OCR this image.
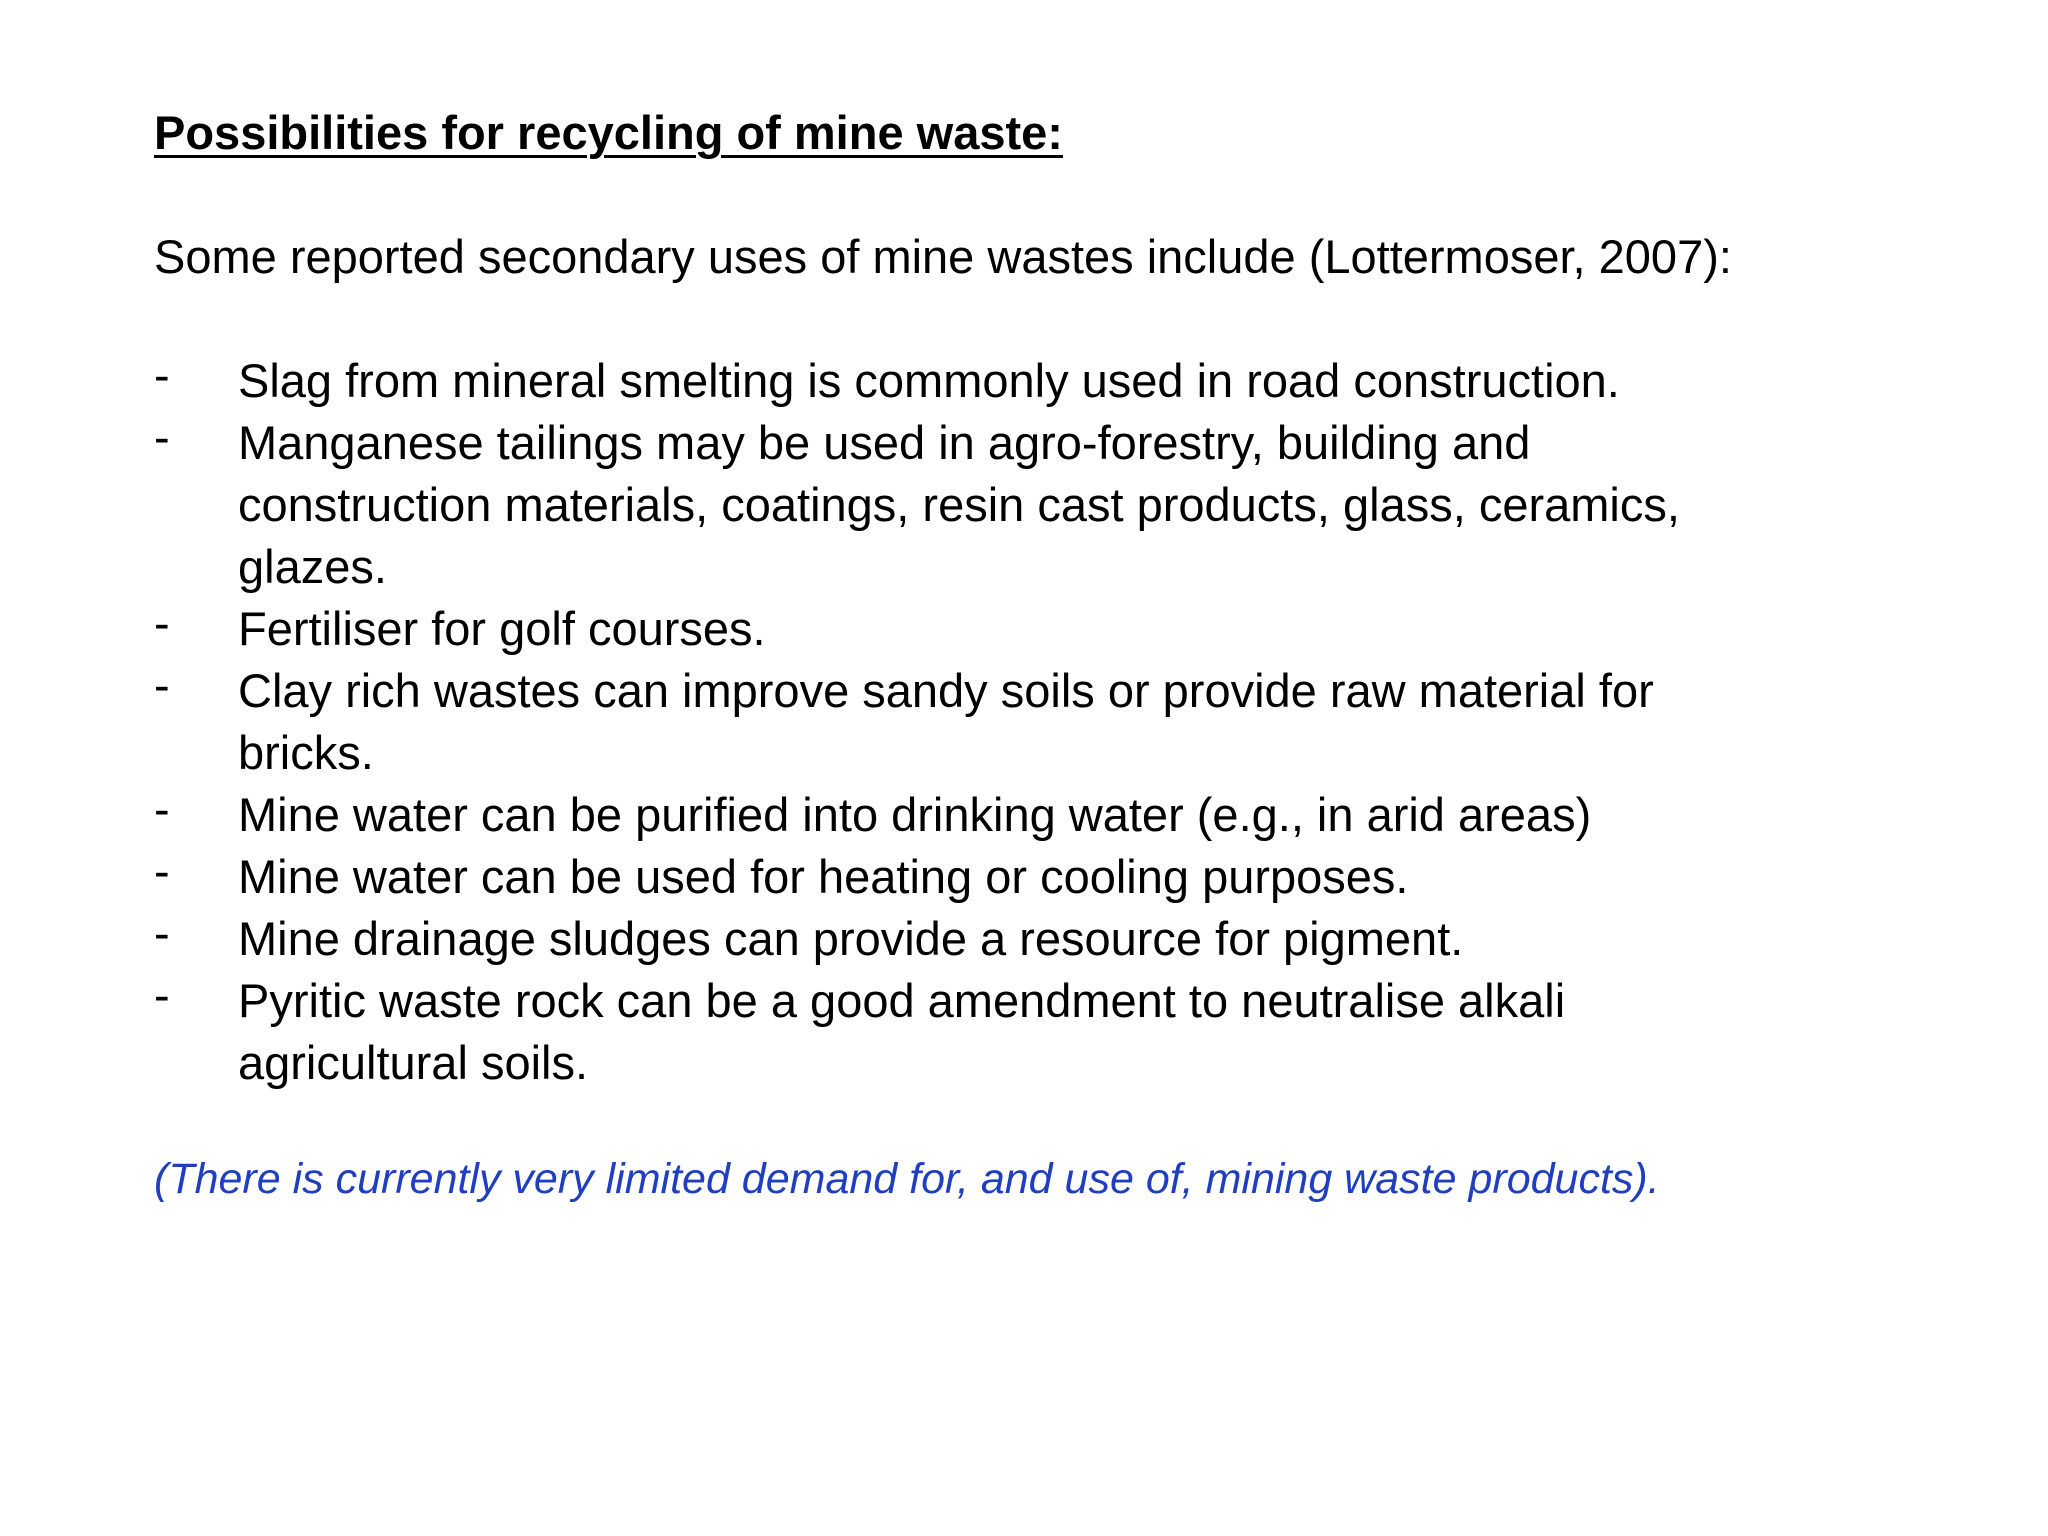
Possibilities for recycling of mine waste:

Some reported secondary uses of mine wastes include (Lottermoser, 2007):

- Slag from mineral smelting is commonly used in road construction.
- Manganese tailings may be used in agro-forestry, building and
construction materials, coatings, resin cast products, glass, ceramics,
glazes.
- Fertiliser for golf courses.
- Clay rich wastes can improve sandy soils or provide raw material for
bricks.
- Mine water can be purified into drinking water (e.g., in arid areas)
- Mine water can be used for heating or cooling purposes.
- Mine drainage sludges can provide a resource for pigment.
- Pyritic waste rock can be a good amendment to neutralise alkali
agricultural soils.

(There is currently very limited demand for, and use of, mining waste products).
